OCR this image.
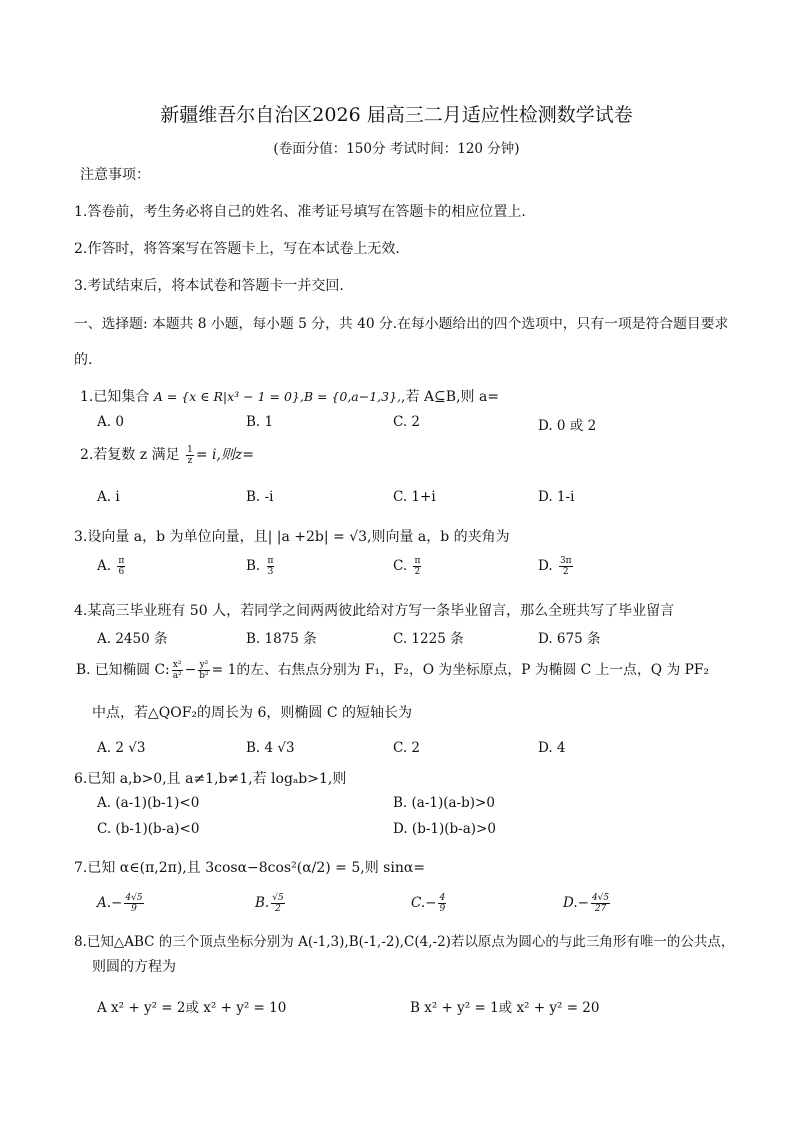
新疆维吾尔自治区2026 届高三二月适应性检测数学试卷
(卷面分值：150分 考试时间：120 分钟)
注意事项：
1.答卷前，考生务必将自己的姓名、准考证号填写在答题卡的相应位置上.
2.作答时，将答案写在答题卡上，写在本试卷上无效.
3.考试结束后，将本试卷和答题卡一并交回.
一、选择题: 本题共 8 小题，每小题 5 分，共 40 分.在每小题给出的四个选项中，只有一项是符合题目要求
的.
1.已知集合 A = {x ∈ R|x³ − 1 = 0},B = {0,a−1,3},,若 A⊆B,则 a=
A. 0	B. 1	C. 2	D. 0 或 2
2.若复数 z 满足 $\frac{1}{z} = i$,则z=
A. i	B. -i	C. 1+i	D. 1-i
3.设向量 a，b 为单位向量，且| |a +2b| = √3,则向量 a，b 的夹角为
A. $\frac{\pi}{6}$	B. $\frac{\pi}{3}$	C. $\frac{\pi}{2}$	D. $\frac{3\pi}{2}$
4.某高三毕业班有 50 人，若同学之间两两彼此给对方写一条毕业留言，那么全班共写了毕业留言
A. 2450 条	B. 1875 条	C. 1225 条	D. 675 条
B. 已知椭圆 C: $\frac{\text{x²}}{\text{a²}} - \frac{\text{y²}}{\text{b²}} = 1$的左、右焦点分别为 F₁，F₂，O 为坐标原点，P 为椭圆 C 上一点，Q 为 PF₂
中点，若△QOF₂的周长为 6，则椭圆 C 的短轴长为
A. 2 √3	B. 4 √3	C. 2	D. 4
6.已知 a,b>0,且 a≠1,b≠1,若 logₐb>1,则
A. (a-1)(b-1)<0	B. (a-1)(a-b)>0
C. (b-1)(b-a)<0	D. (b-1)(b-a)>0
7.已知 α∈(π,2π),且 3cosα−8cos²(α/2) = 5,则 sinα=
$A.- \frac{4√5}{9}$	B. $\frac{√5}{2}$	$C.- \frac{4}{9}$	$D.- \frac{4√5}{27}$
8.已知△ABC 的三个顶点坐标分别为 A(-1,3),B(-1,-2),C(4,-2)若以原点为圆心的与此三角形有唯一的公共点，
则圆的方程为
A x² + y² = 2或 x² + y² = 10	B x² + y² = 1或 x² + y² = 20
